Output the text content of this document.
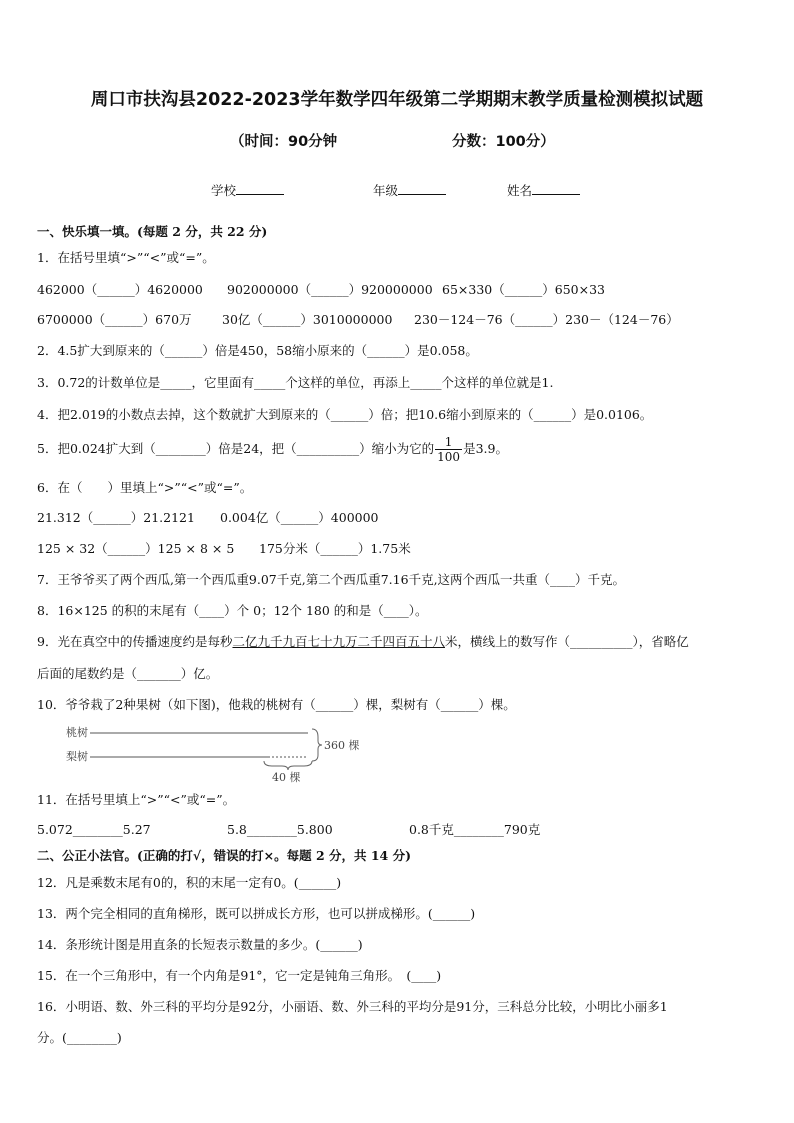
周口市扶沟县2022-2023学年数学四年级第二学期期末教学质量检测模拟试题
（时间：90分钟	分数：100分）
学校	年级	姓名
一、快乐填一填。(每题 2 分，共 22 分)
1．在括号里填“>”“<”或“=”。
462000（______）4620000 902000000（______）920000000 65×330（______）650×33
6700000（______）670万 30亿（______）3010000000 230－124－76（______）230－（124－76）
2．4.5扩大到原来的（______）倍是450，58缩小原来的（______）是0.058。
3．0.72的计数单位是_____，它里面有_____个这样的单位，再添上_____个这样的单位就是1.
4．把2.019的小数点去掉，这个数就扩大到原来的（______）倍；把10.6缩小到原来的（______）是0.0106。
5．把0.024扩大到（________）倍是24，把（__________）缩小为它的 $\frac{1}{100}$ 是3.9。
6．在（　　）里填上“>”“<”或“=”。
21.312（______）21.2121 0.004亿（______）400000
125 × 32（______）125 × 8 × 5 175分米（______）1.75米
7．王爷爷买了两个西瓜,第一个西瓜重9.07千克,第二个西瓜重7.16千克,这两个西瓜一共重（____）千克。
8．16×125 的积的末尾有（____）个 0；12个 180 的和是（____）。
9．光在真空中的传播速度约是每秒二亿九千九百七十九万二千四百五十八米，横线上的数写作（__________），省略亿
后面的尾数约是（_______）亿。
10．爷爷栽了2种果树（如下图)，他栽的桃树有（______）棵，梨树有（______）棵。
桃树
梨树
360 棵
40 棵
11．在括号里填上“>”“<”或“=”。
5.072________5.27	5.8________5.800	0.8千克________790克
二、公正小法官。(正确的打√，错误的打×。每题 2 分，共 14 分)
12．凡是乘数末尾有0的，积的末尾一定有0。(______)
13．两个完全相同的直角梯形，既可以拼成长方形，也可以拼成梯形。(______)
14．条形统计图是用直条的长短表示数量的多少。(______)
15．在一个三角形中，有一个内角是91°，它一定是钝角三角形。　(____)
16．小明语、数、外三科的平均分是92分，小丽语、数、外三科的平均分是91分，三科总分比较，小明比小丽多1
分。(________)
